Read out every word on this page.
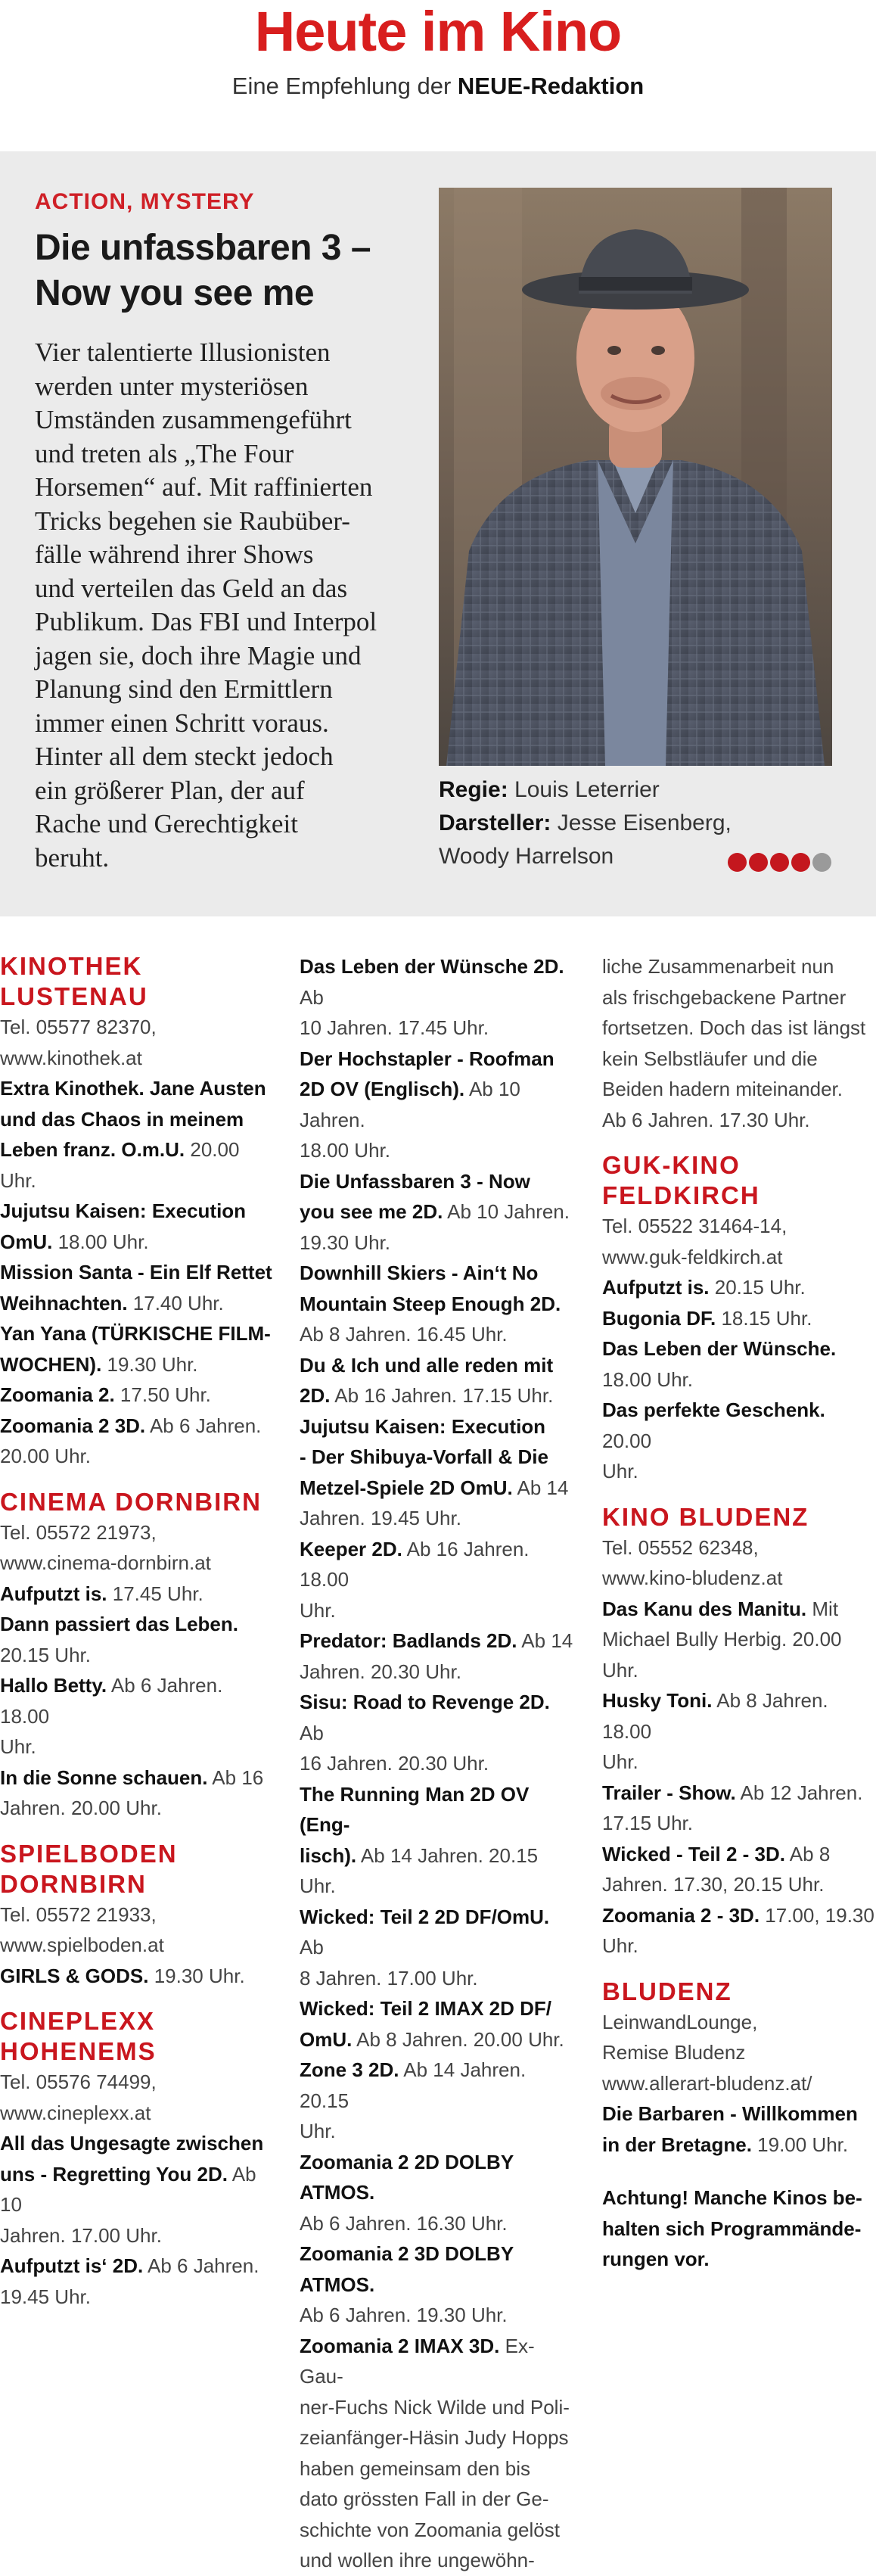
Heute im Kino
Eine Empfehlung der NEUE-Redaktion
ACTION, MYSTERY
Die unfassbaren 3 –
Now you see me
Vier talentierte Illusionisten
werden unter mysteriösen
Umständen zusammengeführt
und treten als „The Four
Horsemen“ auf. Mit raffinierten
Tricks begehen sie Raubüber-
fälle während ihrer Shows
und verteilen das Geld an das
Publikum. Das FBI und Interpol
jagen sie, doch ihre Magie und
Planung sind den Ermittlern
immer einen Schritt voraus.
Hinter all dem steckt jedoch
ein größerer Plan, der auf
Rache und Gerechtigkeit
beruht.
Regie: Louis Leterrier
Darsteller: Jesse Eisenberg,
Woody Harrelson
KINOTHEK
LUSTENAU
Tel. 05577 82370,
www.kinothek.at
Extra Kinothek. Jane Austen
und das Chaos in meinem
Leben franz. O.m.U. 20.00 Uhr.
Jujutsu Kaisen: Execution
OmU. 18.00 Uhr.
Mission Santa - Ein Elf Rettet
Weihnachten. 17.40 Uhr.
Yan Yana (TÜRKISCHE FILM-
WOCHEN). 19.30 Uhr.
Zoomania 2. 17.50 Uhr.
Zoomania 2 3D. Ab 6 Jahren.
20.00 Uhr.
CINEMA DORNBIRN
Tel. 05572 21973,
www.cinema-dornbirn.at
Aufputzt is. 17.45 Uhr.
Dann passiert das Leben.
20.15 Uhr.
Hallo Betty. Ab 6 Jahren. 18.00
Uhr.
In die Sonne schauen. Ab 16
Jahren. 20.00 Uhr.
SPIELBODEN
DORNBIRN
Tel. 05572 21933,
www.spielboden.at
GIRLS & GODS. 19.30 Uhr.
CINEPLEXX
HOHENEMS
Tel. 05576 74499,
www.cineplexx.at
All das Ungesagte zwischen
uns - Regretting You 2D. Ab 10
Jahren. 17.00 Uhr.
Aufputzt is‘ 2D. Ab 6 Jahren.
19.45 Uhr.
Das Leben der Wünsche 2D. Ab
10 Jahren. 17.45 Uhr.
Der Hochstapler - Roofman
2D OV (Englisch). Ab 10 Jahren.
18.00 Uhr.
Die Unfassbaren 3 - Now
you see me 2D. Ab 10 Jahren.
19.30 Uhr.
Downhill Skiers - Ain‘t No
Mountain Steep Enough 2D.
Ab 8 Jahren. 16.45 Uhr.
Du & Ich und alle reden mit
2D. Ab 16 Jahren. 17.15 Uhr.
Jujutsu Kaisen: Execution
- Der Shibuya-Vorfall & Die
Metzel-Spiele 2D OmU. Ab 14
Jahren. 19.45 Uhr.
Keeper 2D. Ab 16 Jahren. 18.00
Uhr.
Predator: Badlands 2D. Ab 14
Jahren. 20.30 Uhr.
Sisu: Road to Revenge 2D. Ab
16 Jahren. 20.30 Uhr.
The Running Man 2D OV (Eng-
lisch). Ab 14 Jahren. 20.15 Uhr.
Wicked: Teil 2 2D DF/OmU. Ab
8 Jahren. 17.00 Uhr.
Wicked: Teil 2 IMAX 2D DF/
OmU. Ab 8 Jahren. 20.00 Uhr.
Zone 3 2D. Ab 14 Jahren. 20.15
Uhr.
Zoomania 2 2D DOLBY ATMOS.
Ab 6 Jahren. 16.30 Uhr.
Zoomania 2 3D DOLBY ATMOS.
Ab 6 Jahren. 19.30 Uhr.
Zoomania 2 IMAX 3D. Ex-Gau-
ner-Fuchs Nick Wilde und Poli-
zeianfänger-Häsin Judy Hopps
haben gemeinsam den bis
dato grössten Fall in der Ge-
schichte von Zoomania gelöst
und wollen ihre ungewöhn-
liche Zusammenarbeit nun
als frischgebackene Partner
fortsetzen. Doch das ist längst
kein Selbstläufer und die
Beiden hadern miteinander.
Ab 6 Jahren. 17.30 Uhr.
GUK-KINO
FELDKIRCH
Tel. 05522 31464-14,
www.guk-feldkirch.at
Aufputzt is. 20.15 Uhr.
Bugonia DF. 18.15 Uhr.
Das Leben der Wünsche.
18.00 Uhr.
Das perfekte Geschenk. 20.00
Uhr.
KINO BLUDENZ
Tel. 05552 62348,
www.kino-bludenz.at
Das Kanu des Manitu. Mit
Michael Bully Herbig. 20.00
Uhr.
Husky Toni. Ab 8 Jahren. 18.00
Uhr.
Trailer - Show. Ab 12 Jahren.
17.15 Uhr.
Wicked - Teil 2 - 3D. Ab 8
Jahren. 17.30, 20.15 Uhr.
Zoomania 2 - 3D. 17.00, 19.30
Uhr.
BLUDENZ
LeinwandLounge,
Remise Bludenz
www.allerart-bludenz.at/
Die Barbaren - Willkommen
in der Bretagne. 19.00 Uhr.
Achtung! Manche Kinos be-
halten sich Programmände-
rungen vor.
